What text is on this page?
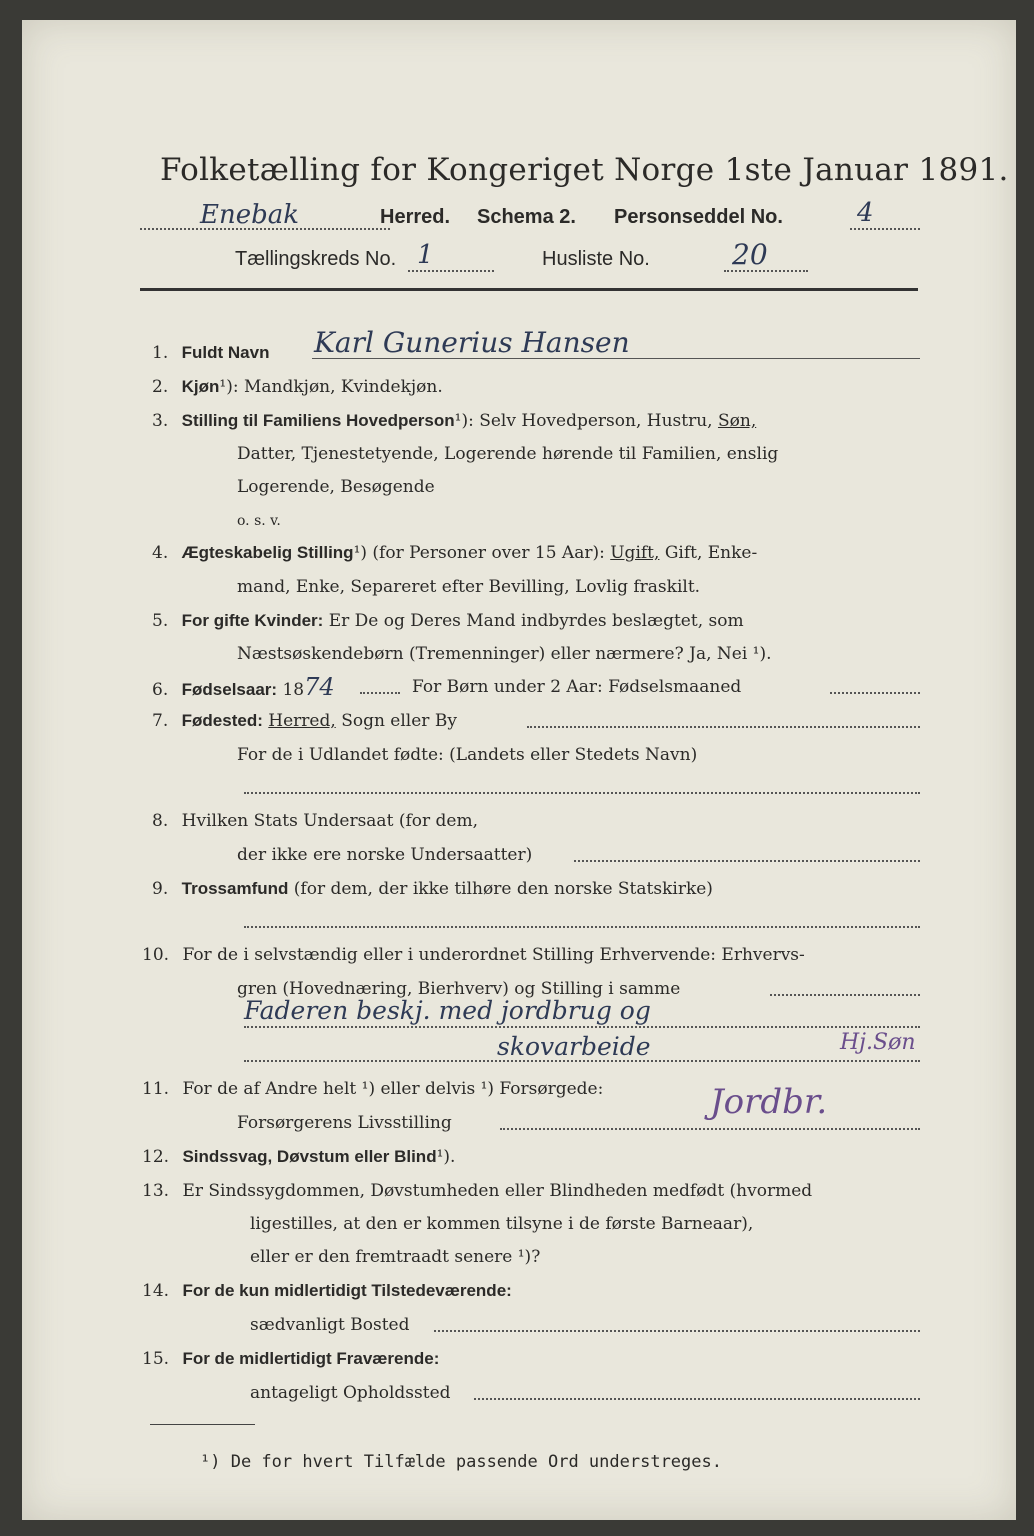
Folketælling for Kongeriget Norge 1ste Januar 1891.
Enebak	Herred. Schema 2. Personseddel No.	4
Tællingskreds No. 1	Husliste No.	20
1. Fuldt Navn Karl Gunerius Hansen
2. Kjøn¹): Mandkjøn, Kvindekjøn.
3. Stilling til Familiens Hovedperson¹): Selv Hovedperson, Hustru, Søn,
Datter, Tjenestetyende, Logerende hørende til Familien, enslig
Logerende, Besøgende
o. s. v.
4. Ægteskabelig Stilling¹) (for Personer over 15 Aar): Ugift, Gift, Enke-
mand, Enke, Separeret efter Bevilling, Lovlig fraskilt.
5. For gifte Kvinder: Er De og Deres Mand indbyrdes beslægtet, som
Næstsøskendebørn (Tremenninger) eller nærmere? Ja, Nei ¹).
6. Fødselsaar: 1874	For Børn under 2 Aar: Fødselsmaaned
7. Fødested: Herred, Sogn eller By
For de i Udlandet fødte: (Landets eller Stedets Navn)
8. Hvilken Stats Undersaat (for dem,
der ikke ere norske Undersaatter)
9. Trossamfund (for dem, der ikke tilhøre den norske Statskirke)
10. For de i selvstændig eller i underordnet Stilling Erhvervende: Erhvervs-
gren (Hovednæring, Bierhverv) og Stilling i samme
Faderen beskj. med jordbrug og
skovarbeide	Hj.Søn
11. For de af Andre helt ¹) eller delvis ¹) Forsørgede:
Forsørgerens Livsstilling
Jordbr.
12. Sindssvag, Døvstum eller Blind¹).
13. Er Sindssygdommen, Døvstumheden eller Blindheden medfødt (hvormed
ligestilles, at den er kommen tilsyne i de første Barneaar),
eller er den fremtraadt senere ¹)?
14. For de kun midlertidigt Tilstedeværende:
sædvanligt Bosted
15. For de midlertidigt Fraværende:
antageligt Opholdssted
¹) De for hvert Tilfælde passende Ord understreges.
